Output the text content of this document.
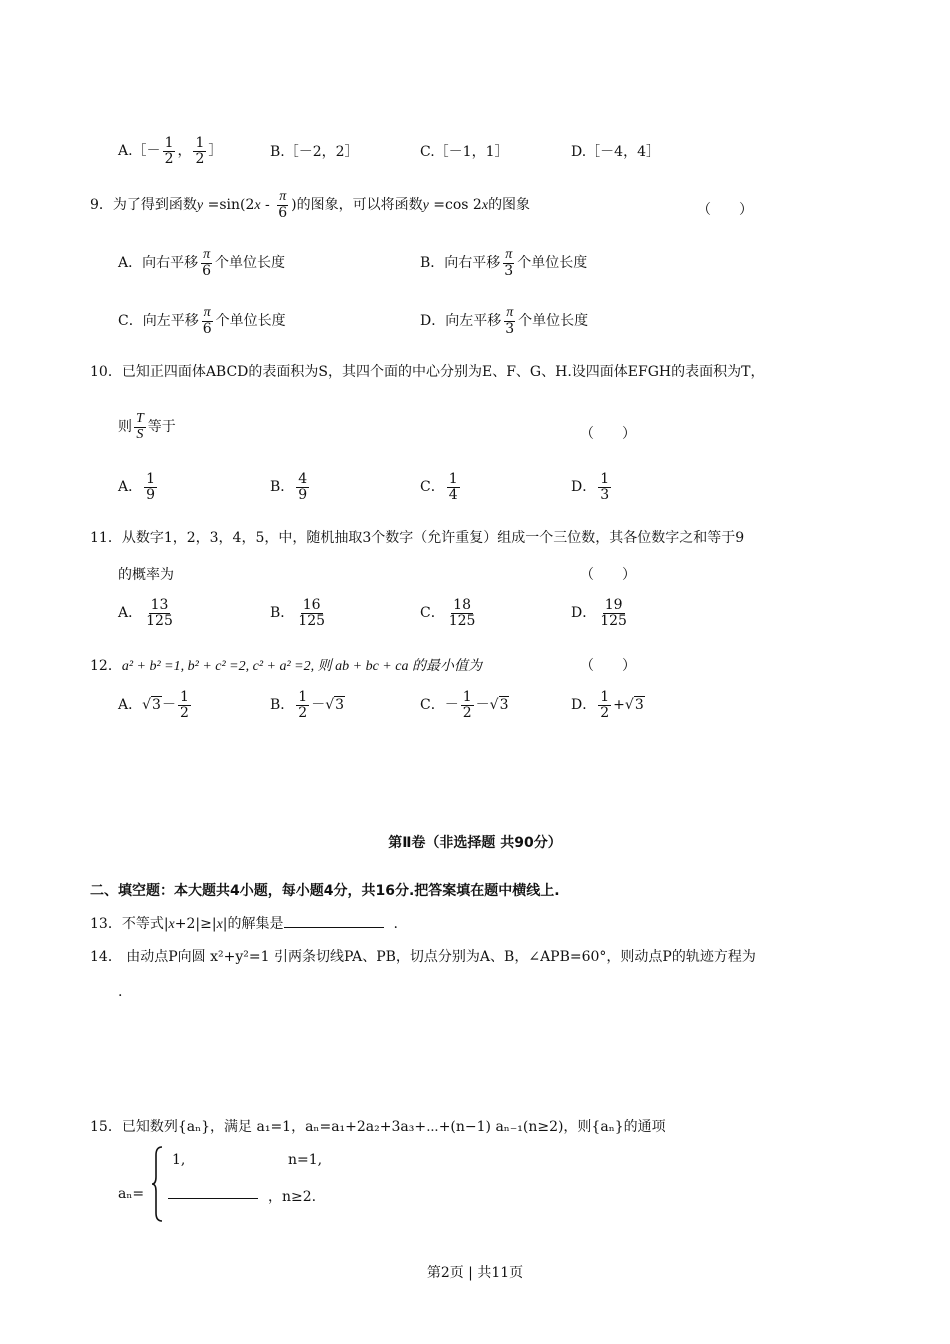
A.［－ $\frac{1}{2}$ ， $\frac{1}{2}$ ］	B.［－2，2］	C.［－1，1］	D.［－4，4］
9．为了得到函数$y =\sin(2x - \frac{\pi}{6}$ )的图象，可以将函数y =cos 2x的图象	（　　）
A．向右平移 $\frac{\pi}{6}$ 个单位长度	B．向右平移 $\frac{\pi}{3}$ 个单位长度
C．向左平移 $\frac{\pi}{6}$ 个单位长度	D．向左平移 $\frac{\pi}{3}$ 个单位长度
10．已知正四面体ABCD的表面积为S，其四个面的中心分别为E、F、G、H.设四面体EFGH的表面积为T，
则 $\frac{T}{S}$ 等于	（　　）
A． $\frac{1}{9}$	B． $\frac{4}{9}$	C． $\frac{1}{4}$	D． $\frac{1}{3}$
11．从数字1，2，3，4，5，中，随机抽取3个数字（允许重复）组成一个三位数，其各位数字之和等于9
的概率为	（　　）
A． $\frac{13}{125}$	B． $\frac{16}{125}$	C． $\frac{18}{125}$	D． $\frac{19}{125}$
12．a² + b² =1, b² + c² =2, c² + a² =2, 则 ab + bc + ca 的最小值为	（　　）
A．$√3- \frac{1}{2}$	B． $\frac{1}{2} -√3$	C．－ $\frac{1}{2} -√3$	D． $\frac{1}{2} +√3$
第Ⅱ卷（非选择题 共90分）
二、填空题：本大题共4小题，每小题4分，共16分.把答案填在题中横线上.
13．不等式|x+2|≥|x|的解集是	.
14． 由动点P向圆 x²+y²=1 引两条切线PA、PB，切点分别为A、B，∠APB=60°，则动点P的轨迹方程为
.
15．已知数列{aₙ}，满足 a₁=1，aₙ=a₁+2a₂+3a₃+⋯+(n−1) aₙ₋₁(n≥2)，则{aₙ}的通项
aₙ=
1,	n=1,
，n≥2.
第2页 | 共11页
